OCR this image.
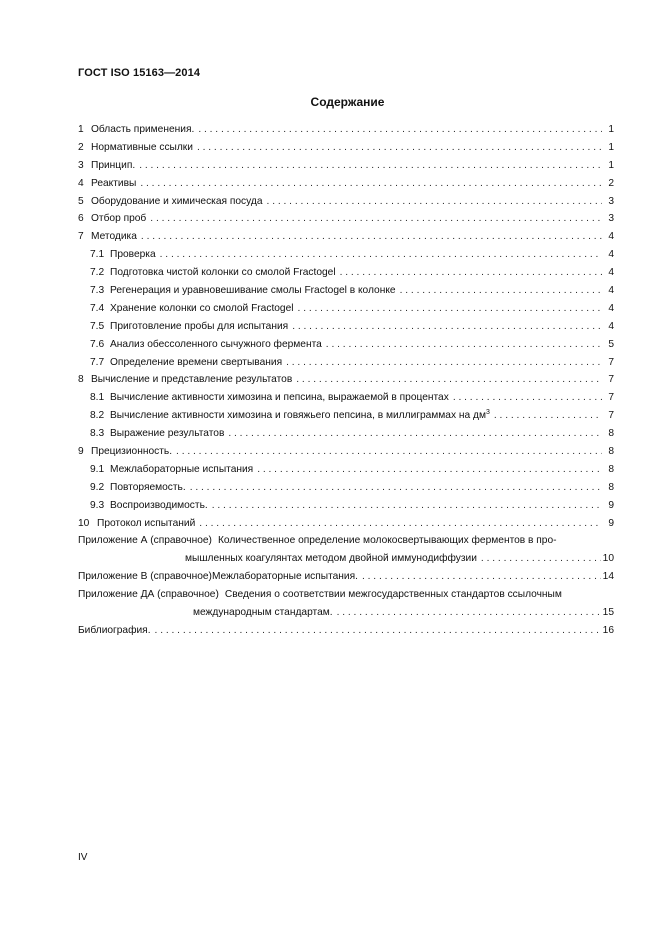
ГОСТ ISO 15163—2014
Содержание
1 Область применения. . . .	1
2 Нормативные ссылки . . .	1
3 Принцип. . . .	1
4 Реактивы . . .	2
5 Оборудование и химическая посуда . . .	3
6 Отбор проб . . .	3
7 Методика . . .	4
7.1 Проверка . . .	4
7.2 Подготовка чистой колонки со смолой Fractogel . . .	4
7.3 Регенерация и уравновешивание смолы Fractogel в колонке . . .	4
7.4 Хранение колонки со смолой Fractogel . . .	4
7.5 Приготовление пробы для испытания . . .	4
7.6 Анализ обессоленного сычужного фермента . . .	5
7.7 Определение времени свертывания . . .	7
8 Вычисление и представление результатов . . .	7
8.1 Вычисление активности химозина и пепсина, выражаемой в процентах . . .	7
8.2 Вычисление активности химозина и говяжьего пепсина, в миллиграммах на $дм^3$ . . .	7
8.3 Выражение результатов . . .	8
9 Прецизионность. . . .	8
9.1 Межлабораторные испытания . . .	8
9.2 Повторяемость. . . .	8
9.3 Воспроизводимость. . . .	9
10 Протокол испытаний . . .	9
Приложение А (справочное) Количественное определение молокосвертывающих ферментов в про-
мышленных коагулянтах методом двойной иммунодиффузии . . .	10
Приложение В (справочное) Межлабораторные испытания. . . .	14
Приложение ДА (справочное) Сведения о соответствии межгосударственных стандартов ссылочным
международным стандартам. . . .	15
Библиография. . . .	16
IV
